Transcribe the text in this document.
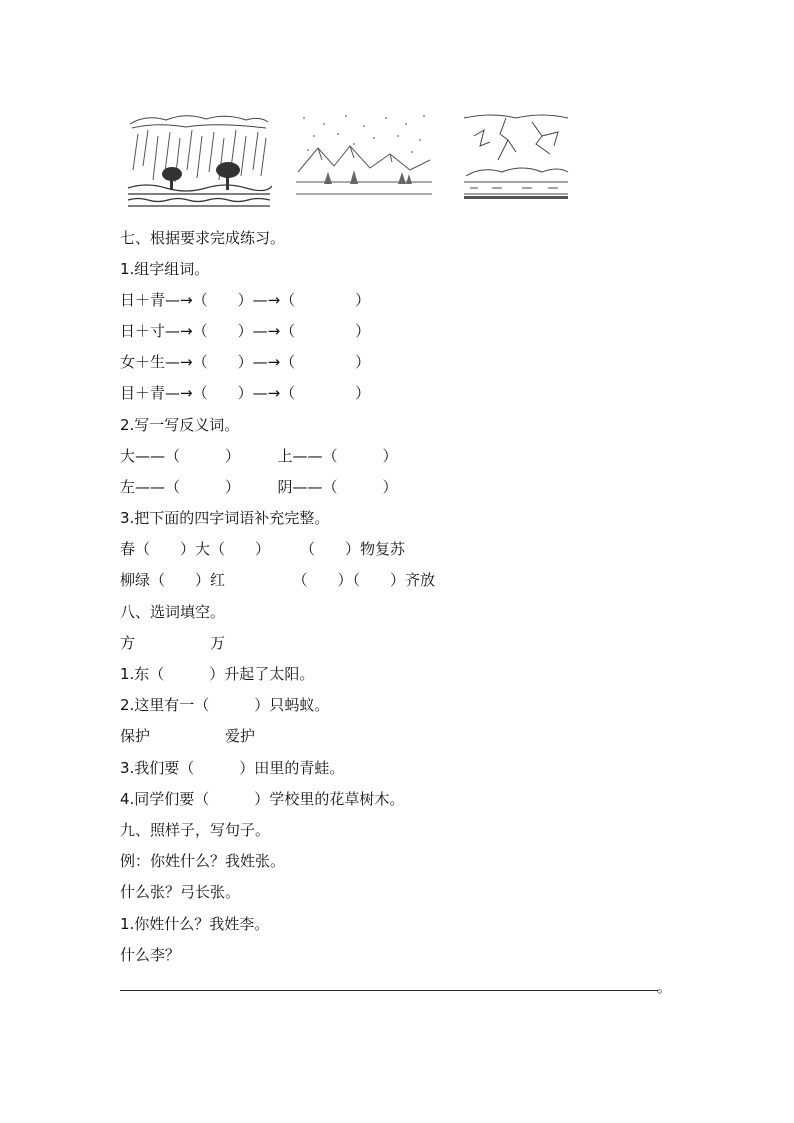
七、根据要求完成练习。
1.组字组词。
日＋青—→（　　）—→（　　　　）
日＋寸—→（　　）—→（　　　　）
女＋生—→（　　）—→（　　　　）
目＋青—→（　　）—→（　　　　）
2.写一写反义词。
大——（　　　）　　　上——（　　　）
左——（　　　）　　　阴——（　　　）
3.把下面的四字词语补充完整。
春（　　）大（　　）　　　（　　）物复苏
柳绿（　　）红　　　　　（　　）（　　）齐放
八、选词填空。
方　　　　　万
1.东（　　　）升起了太阳。
2.这里有一（　　　）只蚂蚁。
保护　　　　　爱护
3.我们要（　　　）田里的青蛙。
4.同学们要（　　　）学校里的花草树木。
九、照样子，写句子。
例：你姓什么？我姓张。
什么张？弓长张。
1.你姓什么？我姓李。
什么李？
。
